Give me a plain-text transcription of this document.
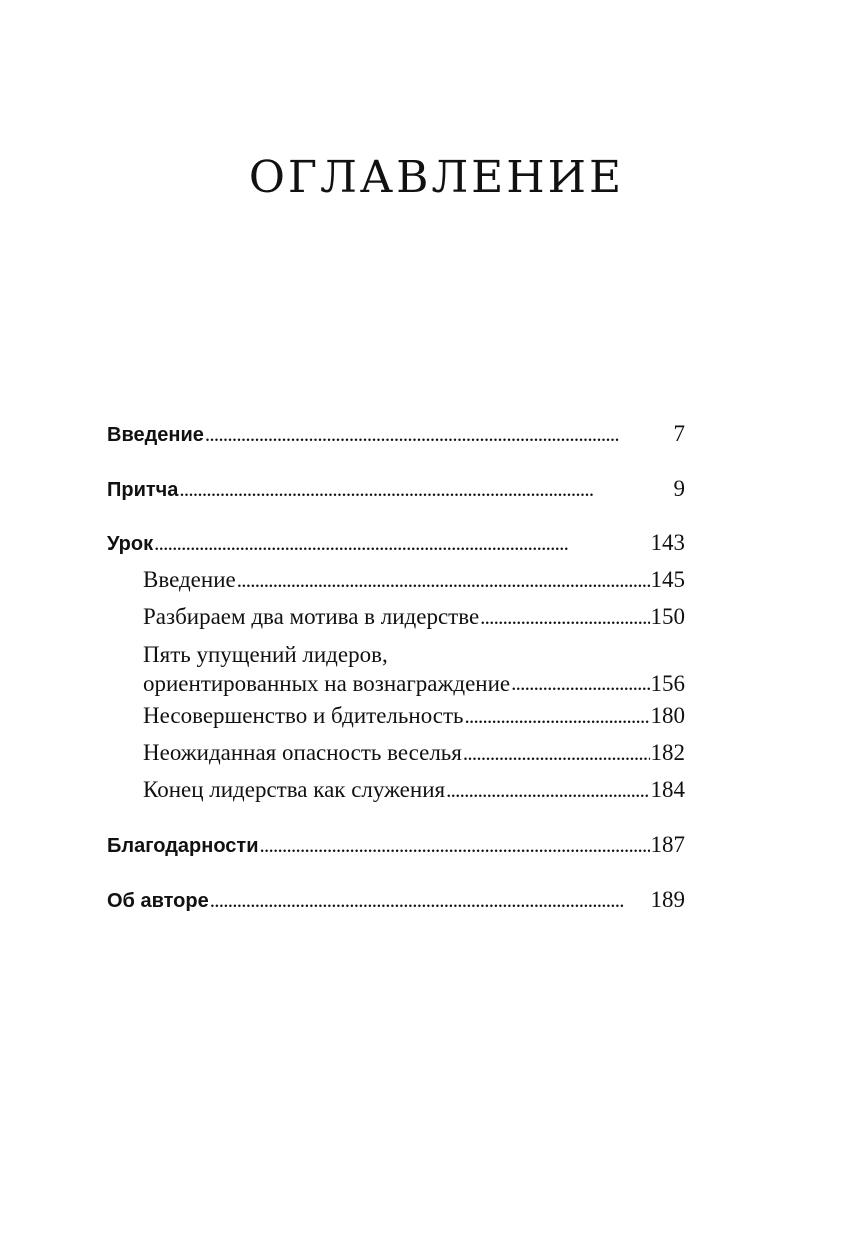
ОГЛАВЛЕНИЕ
Введение . . .	7
Притча . . .	9
Урок . . .	143
Введение . . .	145
Разбираем два мотива в лидерстве . . .	150
Пять упущений лидеров,
ориентированных на вознаграждение . . .	156
Несовершенство и бдительность . . .	180
Неожиданная опасность веселья . . .	182
Конец лидерства как служения . . .	184
Благодарности . . .	187
Об авторе . . .	189
